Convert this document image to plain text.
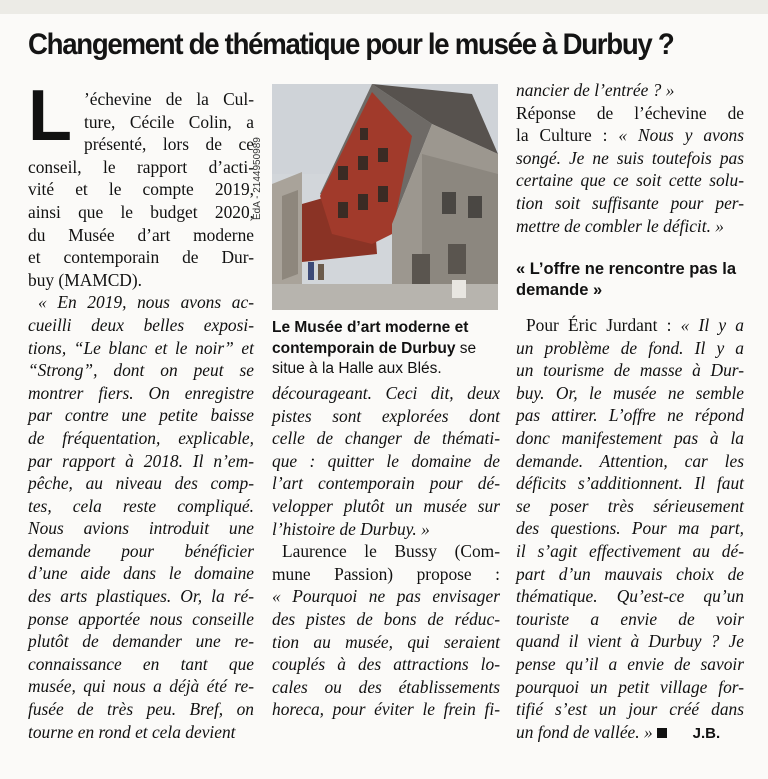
Changement de thématique pour le musée à Durbuy ?
L ’échevine de la Cul-
ture, Cécile Colin, a
présenté, lors de ce
conseil, le rapport d’acti-
vité et le compte 2019,
ainsi que le budget 2020,
du Musée d’art moderne
et contemporain de Dur-
buy (MAMCD).
« En 2019, nous avons ac-
cueilli deux belles exposi-
tions, “Le blanc et le noir” et
“Strong”, dont on peut se
montrer fiers. On enregistre
par contre une petite baisse
de fréquentation, explicable,
par rapport à 2018. Il n’em-
pêche, au niveau des comp-
tes, cela reste compliqué.
Nous avions introduit une
demande pour bénéficier
d’une aide dans le domaine
des arts plastiques. Or, la ré-
ponse apportée nous conseille
plutôt de demander une re-
connaissance en tant que
musée, qui nous a déjà été re-
fusée de très peu. Bref, on
tourne en rond et cela devient
EdA - 2144950989
Le Musée d’art moderne et contemporain de Durbuy se situe à la Halle aux Blés.
décourageant. Ceci dit, deux
pistes sont explorées dont
celle de changer de thémati-
que : quitter le domaine de
l’art contemporain pour dé-
velopper plutôt un musée sur
l’histoire de Durbuy. »
Laurence le Bussy (Com-
mune Passion) propose :
« Pourquoi ne pas envisager
des pistes de bons de réduc-
tion au musée, qui seraient
couplés à des attractions lo-
cales ou des établissements
horeca, pour éviter le frein fi-
nancier de l’entrée ? »
Réponse de l’échevine de
la Culture : « Nous y avons
songé. Je ne suis toutefois pas
certaine que ce soit cette solu-
tion soit suffisante pour per-
mettre de combler le déficit. »
« L’offre ne rencontre pas la demande »
Pour Éric Jurdant : « Il y a
un problème de fond. Il y a
un tourisme de masse à Dur-
buy. Or, le musée ne semble
pas attirer. L’offre ne répond
donc manifestement pas à la
demande. Attention, car les
déficits s’additionnent. Il faut
se poser très sérieusement
des questions. Pour ma part,
il s’agit effectivement au dé-
part d’un mauvais choix de
thématique. Qu’est-ce qu’un
touriste a envie de voir
quand il vient à Durbuy ? Je
pense qu’il a envie de savoir
pourquoi un petit village for-
tifié s’est un jour créé dans
un fond de vallée. »	J.B.
